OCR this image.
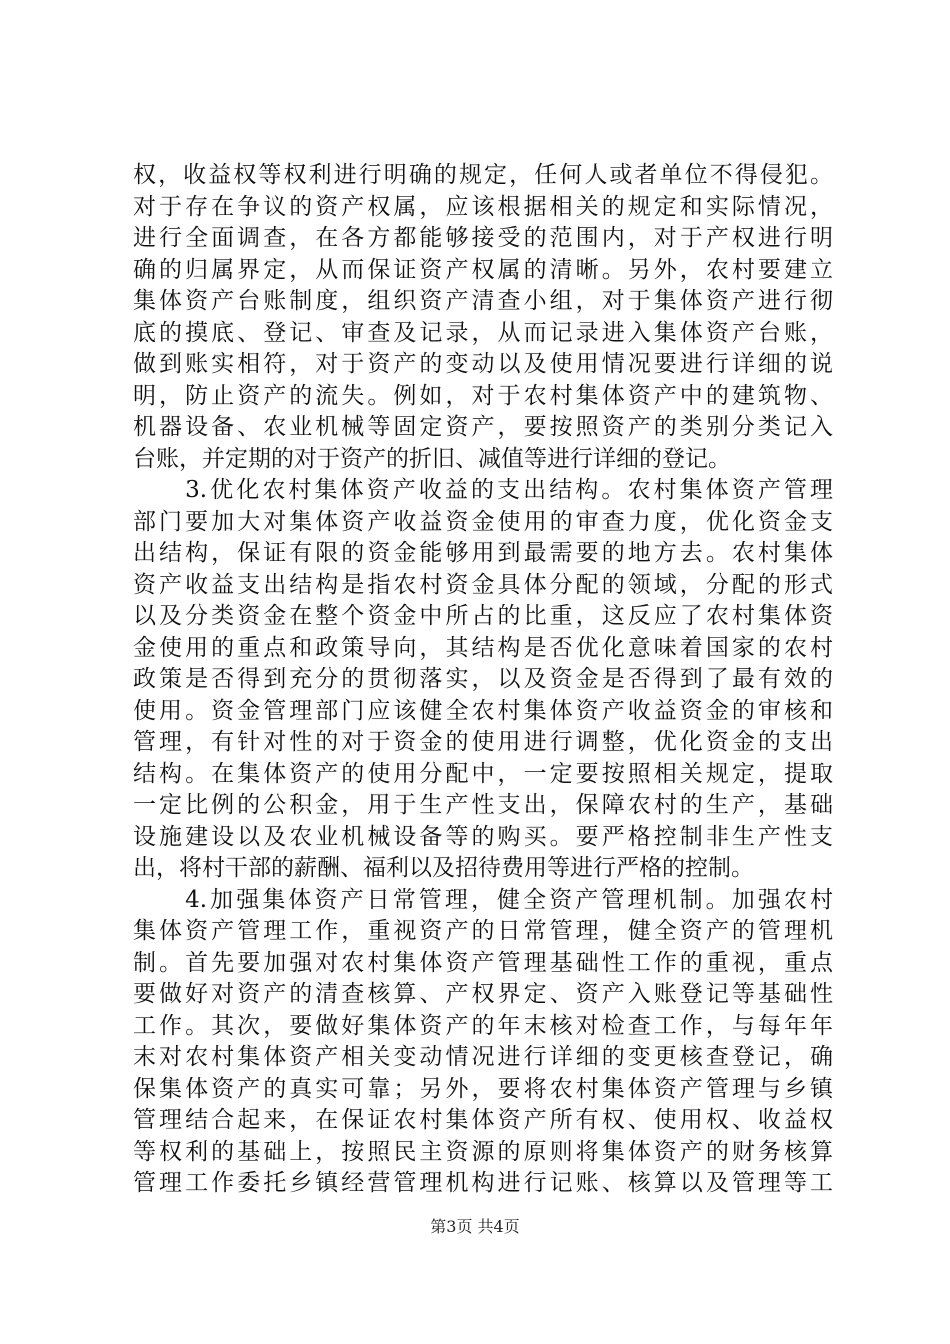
权，收益权等权利进行明确的规定，任何人或者单位不得侵犯。
对于存在争议的资产权属，应该根据相关的规定和实际情况，
进行全面调查，在各方都能够接受的范围内，对于产权进行明
确的归属界定，从而保证资产权属的清晰。另外，农村要建立
集体资产台账制度，组织资产清查小组，对于集体资产进行彻
底的摸底、登记、审查及记录，从而记录进入集体资产台账，
做到账实相符，对于资产的变动以及使用情况要进行详细的说
明，防止资产的流失。例如，对于农村集体资产中的建筑物、
机器设备、农业机械等固定资产，要按照资产的类别分类记入
台账，并定期的对于资产的折旧、减值等进行详细的登记。
　　3.优化农村集体资产收益的支出结构。农村集体资产管理
部门要加大对集体资产收益资金使用的审查力度，优化资金支
出结构，保证有限的资金能够用到最需要的地方去。农村集体
资产收益支出结构是指农村资金具体分配的领域，分配的形式
以及分类资金在整个资金中所占的比重，这反应了农村集体资
金使用的重点和政策导向，其结构是否优化意味着国家的农村
政策是否得到充分的贯彻落实，以及资金是否得到了最有效的
使用。资金管理部门应该健全农村集体资产收益资金的审核和
管理，有针对性的对于资金的使用进行调整，优化资金的支出
结构。在集体资产的使用分配中，一定要按照相关规定，提取
一定比例的公积金，用于生产性支出，保障农村的生产，基础
设施建设以及农业机械设备等的购买。要严格控制非生产性支
出，将村干部的薪酬、福利以及招待费用等进行严格的控制。
　　4.加强集体资产日常管理，健全资产管理机制。加强农村
集体资产管理工作，重视资产的日常管理，健全资产的管理机
制。首先要加强对农村集体资产管理基础性工作的重视，重点
要做好对资产的清查核算、产权界定、资产入账登记等基础性
工作。其次，要做好集体资产的年末核对检查工作，与每年年
末对农村集体资产相关变动情况进行详细的变更核查登记，确
保集体资产的真实可靠；另外，要将农村集体资产管理与乡镇
管理结合起来，在保证农村集体资产所有权、使用权、收益权
等权利的基础上，按照民主资源的原则将集体资产的财务核算
管理工作委托乡镇经营管理机构进行记账、核算以及管理等工
第3页 共4页
